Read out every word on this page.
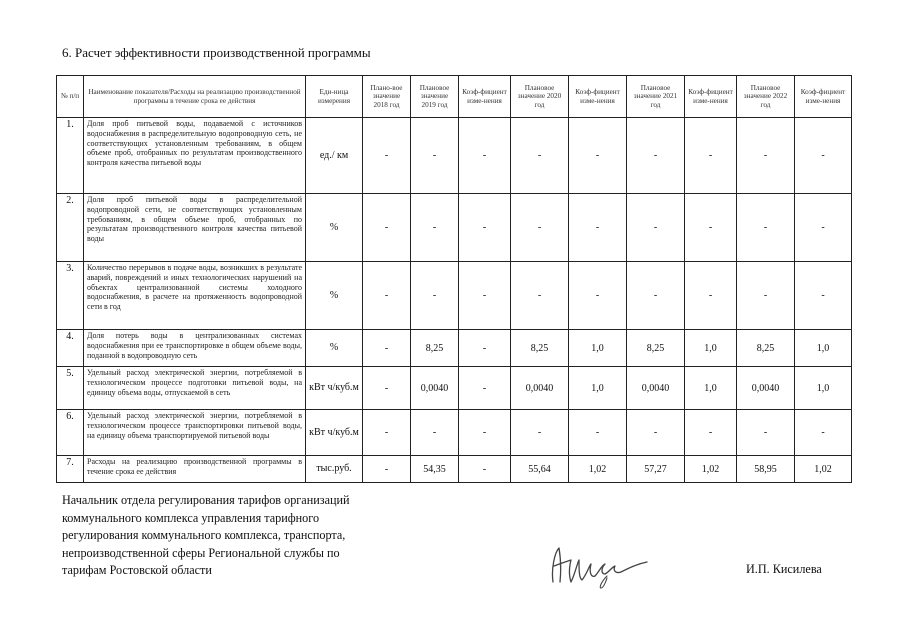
6. Расчет эффективности производственной программы
№ п/п	Наименование показателя/Расходы на реализацию производственной программы в течение срока ее действия	Еди-ница измерения	Плано-вое значение 2018 год	Плановое значение 2019 год	Коэф-фициент изме-нения	Плановое значение 2020 год	Коэф-фициент изме-нения	Плановое значение 2021 год	Коэф-фициент изме-нения	Плановое значение 2022 год	Коэф-фициент изме-нения
1.	Доля проб питьевой воды, подаваемой с источников водоснабжения в распределительную водопроводную сеть, не соответствующих установленным требованиям, в общем объеме проб, отобранных по результатам производственного контроля качества питьевой воды	ед./ км	-	-	-	-	-	-	-	-	-
2.	Доля проб питьевой воды в распределительной водопроводной сети, не соответствующих установленным требованиям, в общем объеме проб, отобранных по результатам производственного контроля качества питьевой воды	%	-	-	-	-	-	-	-	-	-
3.	Количество перерывов в подаче воды, возникших в результате аварий, повреждений и иных технологических нарушений на объектах централизованной системы холодного водоснабжения, в расчете на протяженность водопроводной сети в год	%	-	-	-	-	-	-	-	-	-
4.	Доля потерь воды в централизованных системах водоснабжения при ее транспортировке в общем объеме воды, поданной в водопроводную сеть	%	-	8,25	-	8,25	1,0	8,25	1,0	8,25	1,0
5.	Удельный расход электрической энергии, потребляемой в технологическом процессе подготовки питьевой воды, на единицу объема воды, отпускаемой в сеть	кВт ч/куб.м	-	0,0040	-	0,0040	1,0	0,0040	1,0	0,0040	1,0
6.	Удельный расход электрической энергии, потребляемой в технологическом процессе транспортировки питьевой воды, на единицу объема транспортируемой питьевой воды	кВт ч/куб.м	-	-	-	-	-	-	-	-	-
7.	Расходы на реализацию производственной программы в течение срока ее действия	тыс.руб.	-	54,35	-	55,64	1,02	57,27	1,02	58,95	1,02
Начальник отдела регулирования тарифов организаций
коммунального комплекса управления тарифного
регулирования коммунального комплекса, транспорта,
непроизводственной сферы Региональной службы по
тарифам Ростовской области	И.П. Кисилева
